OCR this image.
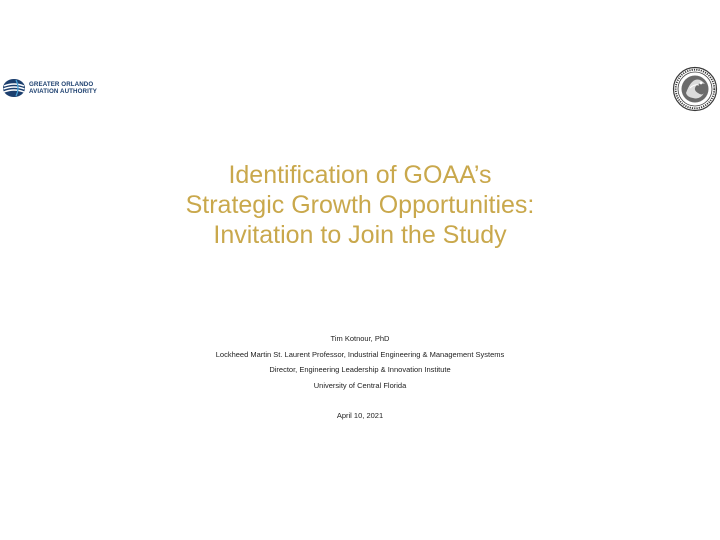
GREATER ORLANDO
AVIATION AUTHORITY
Identification of GOAA’s
Strategic Growth Opportunities:
Invitation to Join the Study
Tim Kotnour, PhD
Lockheed Martin St. Laurent Professor, Industrial Engineering & Management Systems
Director, Engineering Leadership & Innovation Institute
University of Central Florida
April 10, 2021
